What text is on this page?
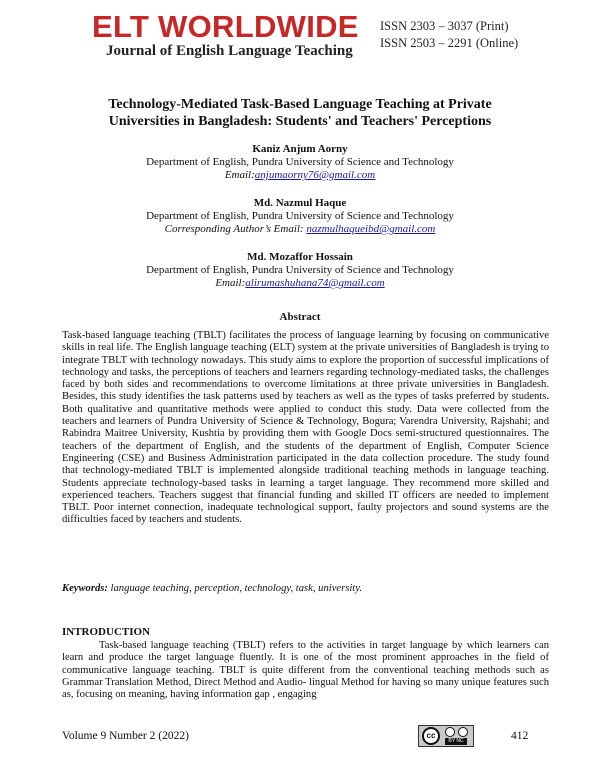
ELT WORLDWIDE
Journal of English Language Teaching
ISSN 2303 – 3037 (Print)
ISSN 2503 – 2291 (Online)
Technology-Mediated Task-Based Language Teaching at Private
Universities in Bangladesh: Students' and Teachers' Perceptions
Kaniz Anjum Aorny
Department of English, Pundra University of Science and Technology
Email:anjumaorny76@gmail.com
Md. Nazmul Haque
Department of English, Pundra University of Science and Technology
Corresponding Author’s Email: nazmulhaqueibd@gmail.com
Md. Mozaffor Hossain
Department of English, Pundra University of Science and Technology
Email:alirumashuhana74@gmail.com
Abstract

Task-based language teaching (TBLT) facilitates the process of language learning by focusing on communicative skills in real life. The English language teaching (ELT) system at the private universities of Bangladesh is trying to integrate TBLT with technology nowadays. This study aims to explore the proportion of successful implications of technology and tasks, the perceptions of teachers and learners regarding technology-mediated tasks, the challenges faced by both sides and recommendations to overcome limitations at three private universities in Bangladesh. Besides, this study identifies the task patterns used by teachers as well as the types of tasks preferred by students. Both qualitative and quantitative methods were applied to conduct this study. Data were collected from the teachers and learners of Pundra University of Science & Technology, Bogura; Varendra University, Rajshahi; and Rabindra Maitree University, Kushtia by providing them with Google Docs semi-structured questionnaires. The teachers of the department of English, and the students of the department of English, Computer Science Engineering (CSE) and Business Administration participated in the data collection procedure. The study found that technology-mediated TBLT is implemented alongside traditional teaching methods in language teaching. Students appreciate technology-based tasks in learning a target language. They recommend more skilled and experienced teachers. Teachers suggest that financial funding and skilled IT officers are needed to implement TBLT. Poor internet connection, inadequate technological support, faulty projectors and sound systems are the difficulties faced by teachers and students.

Keywords: language teaching, perception, technology, task, university.
INTRODUCTION

Task-based language teaching (TBLT) refers to the activities in target language by which learners can learn and produce the target language fluently. It is one of the most prominent approaches in the field of communicative language teaching. TBLT is quite different from the conventional teaching methods such as Grammar Translation Method, Direct Method and Audio- lingual Method for having so many unique features such as, focusing on meaning, having information gap , engaging

Volume 9 Number 2 (2022)	cc
BY NC	412
